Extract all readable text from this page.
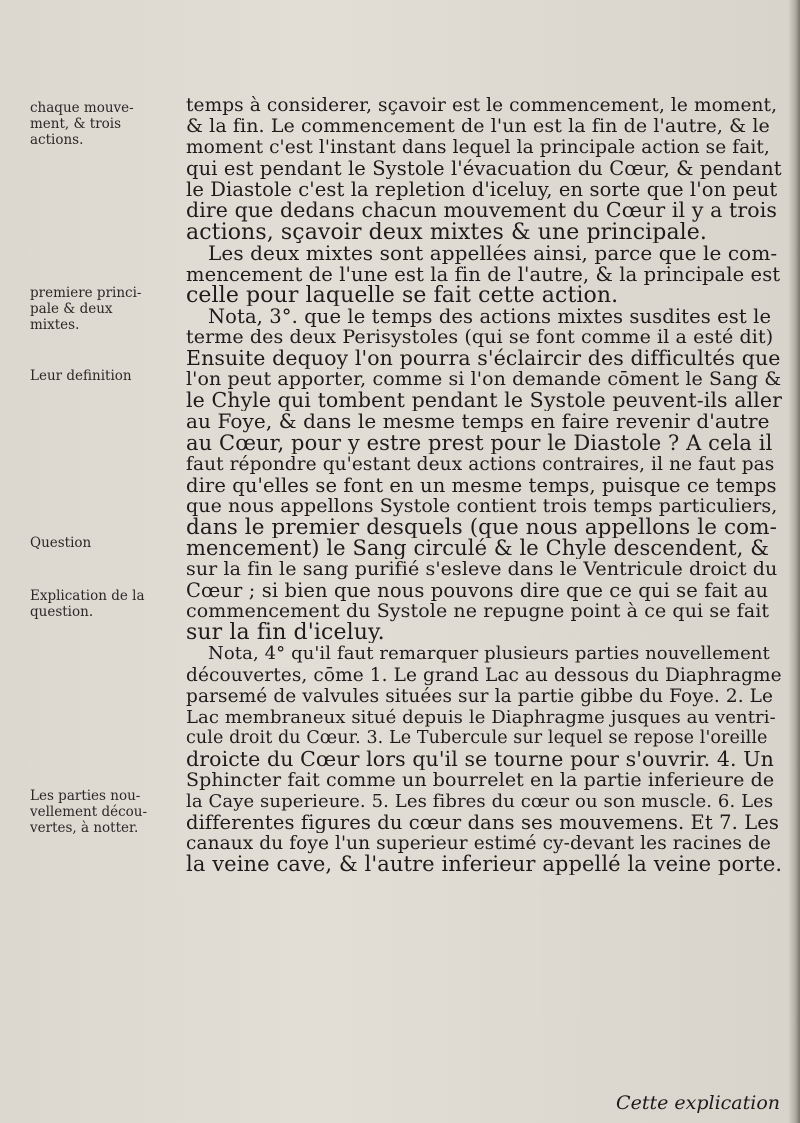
chaque mouve-
ment, & trois
actions.
premiere princi-
pale & deux
mixtes.
Leur definition
Question
Explication de la
question.
Les parties nou-
vellement décou-
vertes, à notter.
temps à considerer, sçavoir est le commencement, le moment,
& la fin. Le commencement de l'un est la fin de l'autre, & le
moment c'est l'instant dans lequel la principale action se fait,
qui est pendant le Systole l'évacuation du Cœur, & pendant
le Diastole c'est la repletion d'iceluy, en sorte que l'on peut
dire que dedans chacun mouvement du Cœur il y a trois
actions, sçavoir deux mixtes & une principale.
Les deux mixtes sont appellées ainsi, parce que le com-
mencement de l'une est la fin de l'autre, & la principale est
celle pour laquelle se fait cette action.
Nota, 3°. que le temps des actions mixtes susdites est le
terme des deux Perisystoles (qui se font comme il a esté dit)
Ensuite dequoy l'on pourra s'éclaircir des difficultés que
l'on peut apporter, comme si l'on demande cōment le Sang &
le Chyle qui tombent pendant le Systole peuvent-ils aller
au Foye, & dans le mesme temps en faire revenir d'autre
au Cœur, pour y estre prest pour le Diastole ? A cela il
faut répondre qu'estant deux actions contraires, il ne faut pas
dire qu'elles se font en un mesme temps, puisque ce temps
que nous appellons Systole contient trois temps particuliers,
dans le premier desquels (que nous appellons le com-
mencement) le Sang circulé & le Chyle descendent, &
sur la fin le sang purifié s'esleve dans le Ventricule droict du
Cœur ; si bien que nous pouvons dire que ce qui se fait au
commencement du Systole ne repugne point à ce qui se fait
sur la fin d'iceluy.
Nota, 4° qu'il faut remarquer plusieurs parties nouvellement
découvertes, cōme 1. Le grand Lac au dessous du Diaphragme
parsemé de valvules situées sur la partie gibbe du Foye. 2. Le
Lac membraneux situé depuis le Diaphragme jusques au ventri-
cule droit du Cœur. 3. Le Tubercule sur lequel se repose l'oreille
droicte du Cœur lors qu'il se tourne pour s'ouvrir. 4. Un
Sphincter fait comme un bourrelet en la partie inferieure de
la Caye superieure. 5. Les fibres du cœur ou son muscle. 6. Les
differentes figures du cœur dans ses mouvemens. Et 7. Les
canaux du foye l'un superieur estimé cy-devant les racines de
la veine cave, & l'autre inferieur appellé la veine porte.
Cette explication
